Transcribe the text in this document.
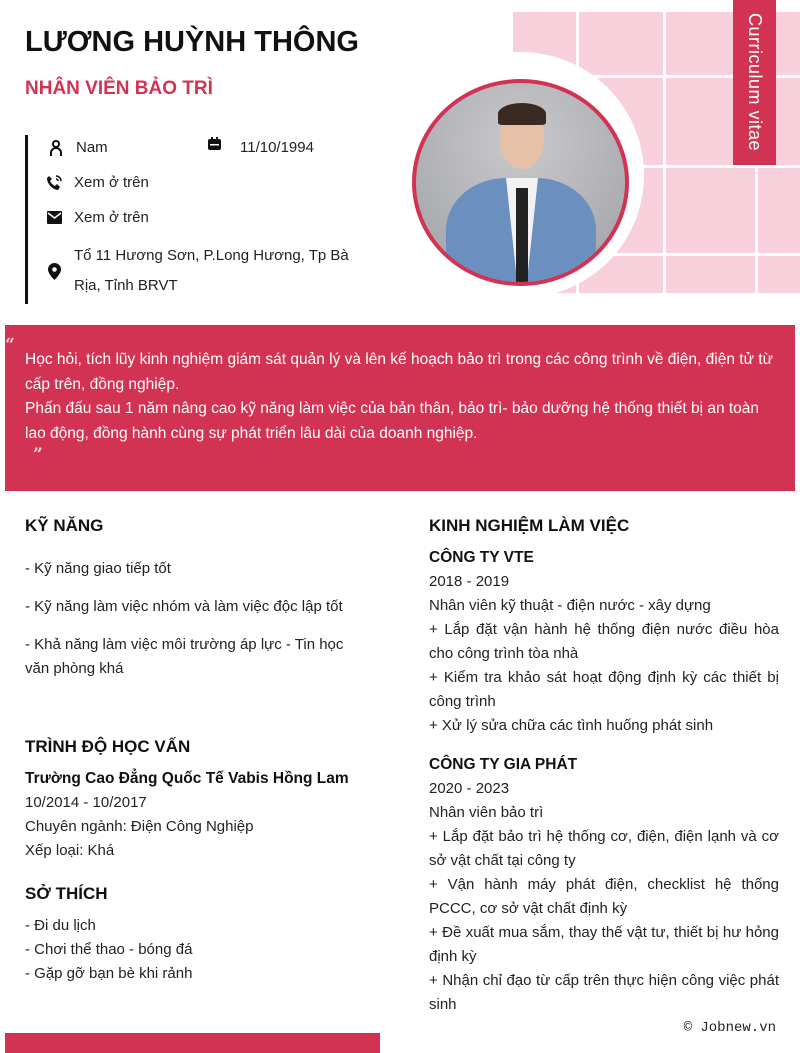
Curriculum vitae
LƯƠNG HUỲNH THÔNG
NHÂN VIÊN BẢO TRÌ
Nam	11/10/1994
Xem ở trên
Xem ở trên
Tổ 11 Hương Sơn, P.Long Hương, Tp Bà Rịa, Tỉnh BRVT
“
Học hỏi, tích lũy kinh nghiệm giám sát quản lý và lên kế hoạch bảo trì trong các công trình về điện, điện tử từ cấp trên, đồng nghiệp.
Phấn đấu sau 1 năm nâng cao kỹ năng làm việc của bản thân, bảo trì- bảo dưỡng hệ thống thiết bị an toàn lao động, đồng hành cùng sự phát triển lâu dài của doanh nghiệp.
”
KỸ NĂNG
- Kỹ năng giao tiếp tốt
- Kỹ năng làm việc nhóm và làm việc độc lập tốt
- Khả năng làm việc môi trường áp lực - Tin học văn phòng khá
TRÌNH ĐỘ HỌC VẤN
Trường Cao Đẳng Quốc Tế Vabis Hồng Lam
10/2014 - 10/2017
Chuyên ngành: Điện Công Nghiệp
Xếp loại: Khá
SỞ THÍCH
- Đi du lịch
- Chơi thể thao - bóng đá
- Gặp gỡ bạn bè khi rảnh
KINH NGHIỆM LÀM VIỆC
CÔNG TY VTE
2018 - 2019
Nhân viên kỹ thuật - điện nước - xây dựng
+ Lắp đặt vận hành hệ thống điện nước điều hòa cho công trình tòa nhà
+ Kiểm tra khảo sát hoạt động định kỳ các thiết bị công trình
+ Xử lý sửa chữa các tình huống phát sinh
CÔNG TY GIA PHÁT
2020 - 2023
Nhân viên bảo trì
+ Lắp đặt bảo trì hệ thống cơ, điện, điện lạnh và cơ sở vật chất tại công ty
+ Vận hành máy phát điện, checklist hệ thống PCCC, cơ sở vật chất định kỳ
+ Đề xuất mua sắm, thay thế vật tư, thiết bị hư hỏng định kỳ
+ Nhận chỉ đạo từ cấp trên thực hiện công việc phát sinh
© Jobnew.vn
